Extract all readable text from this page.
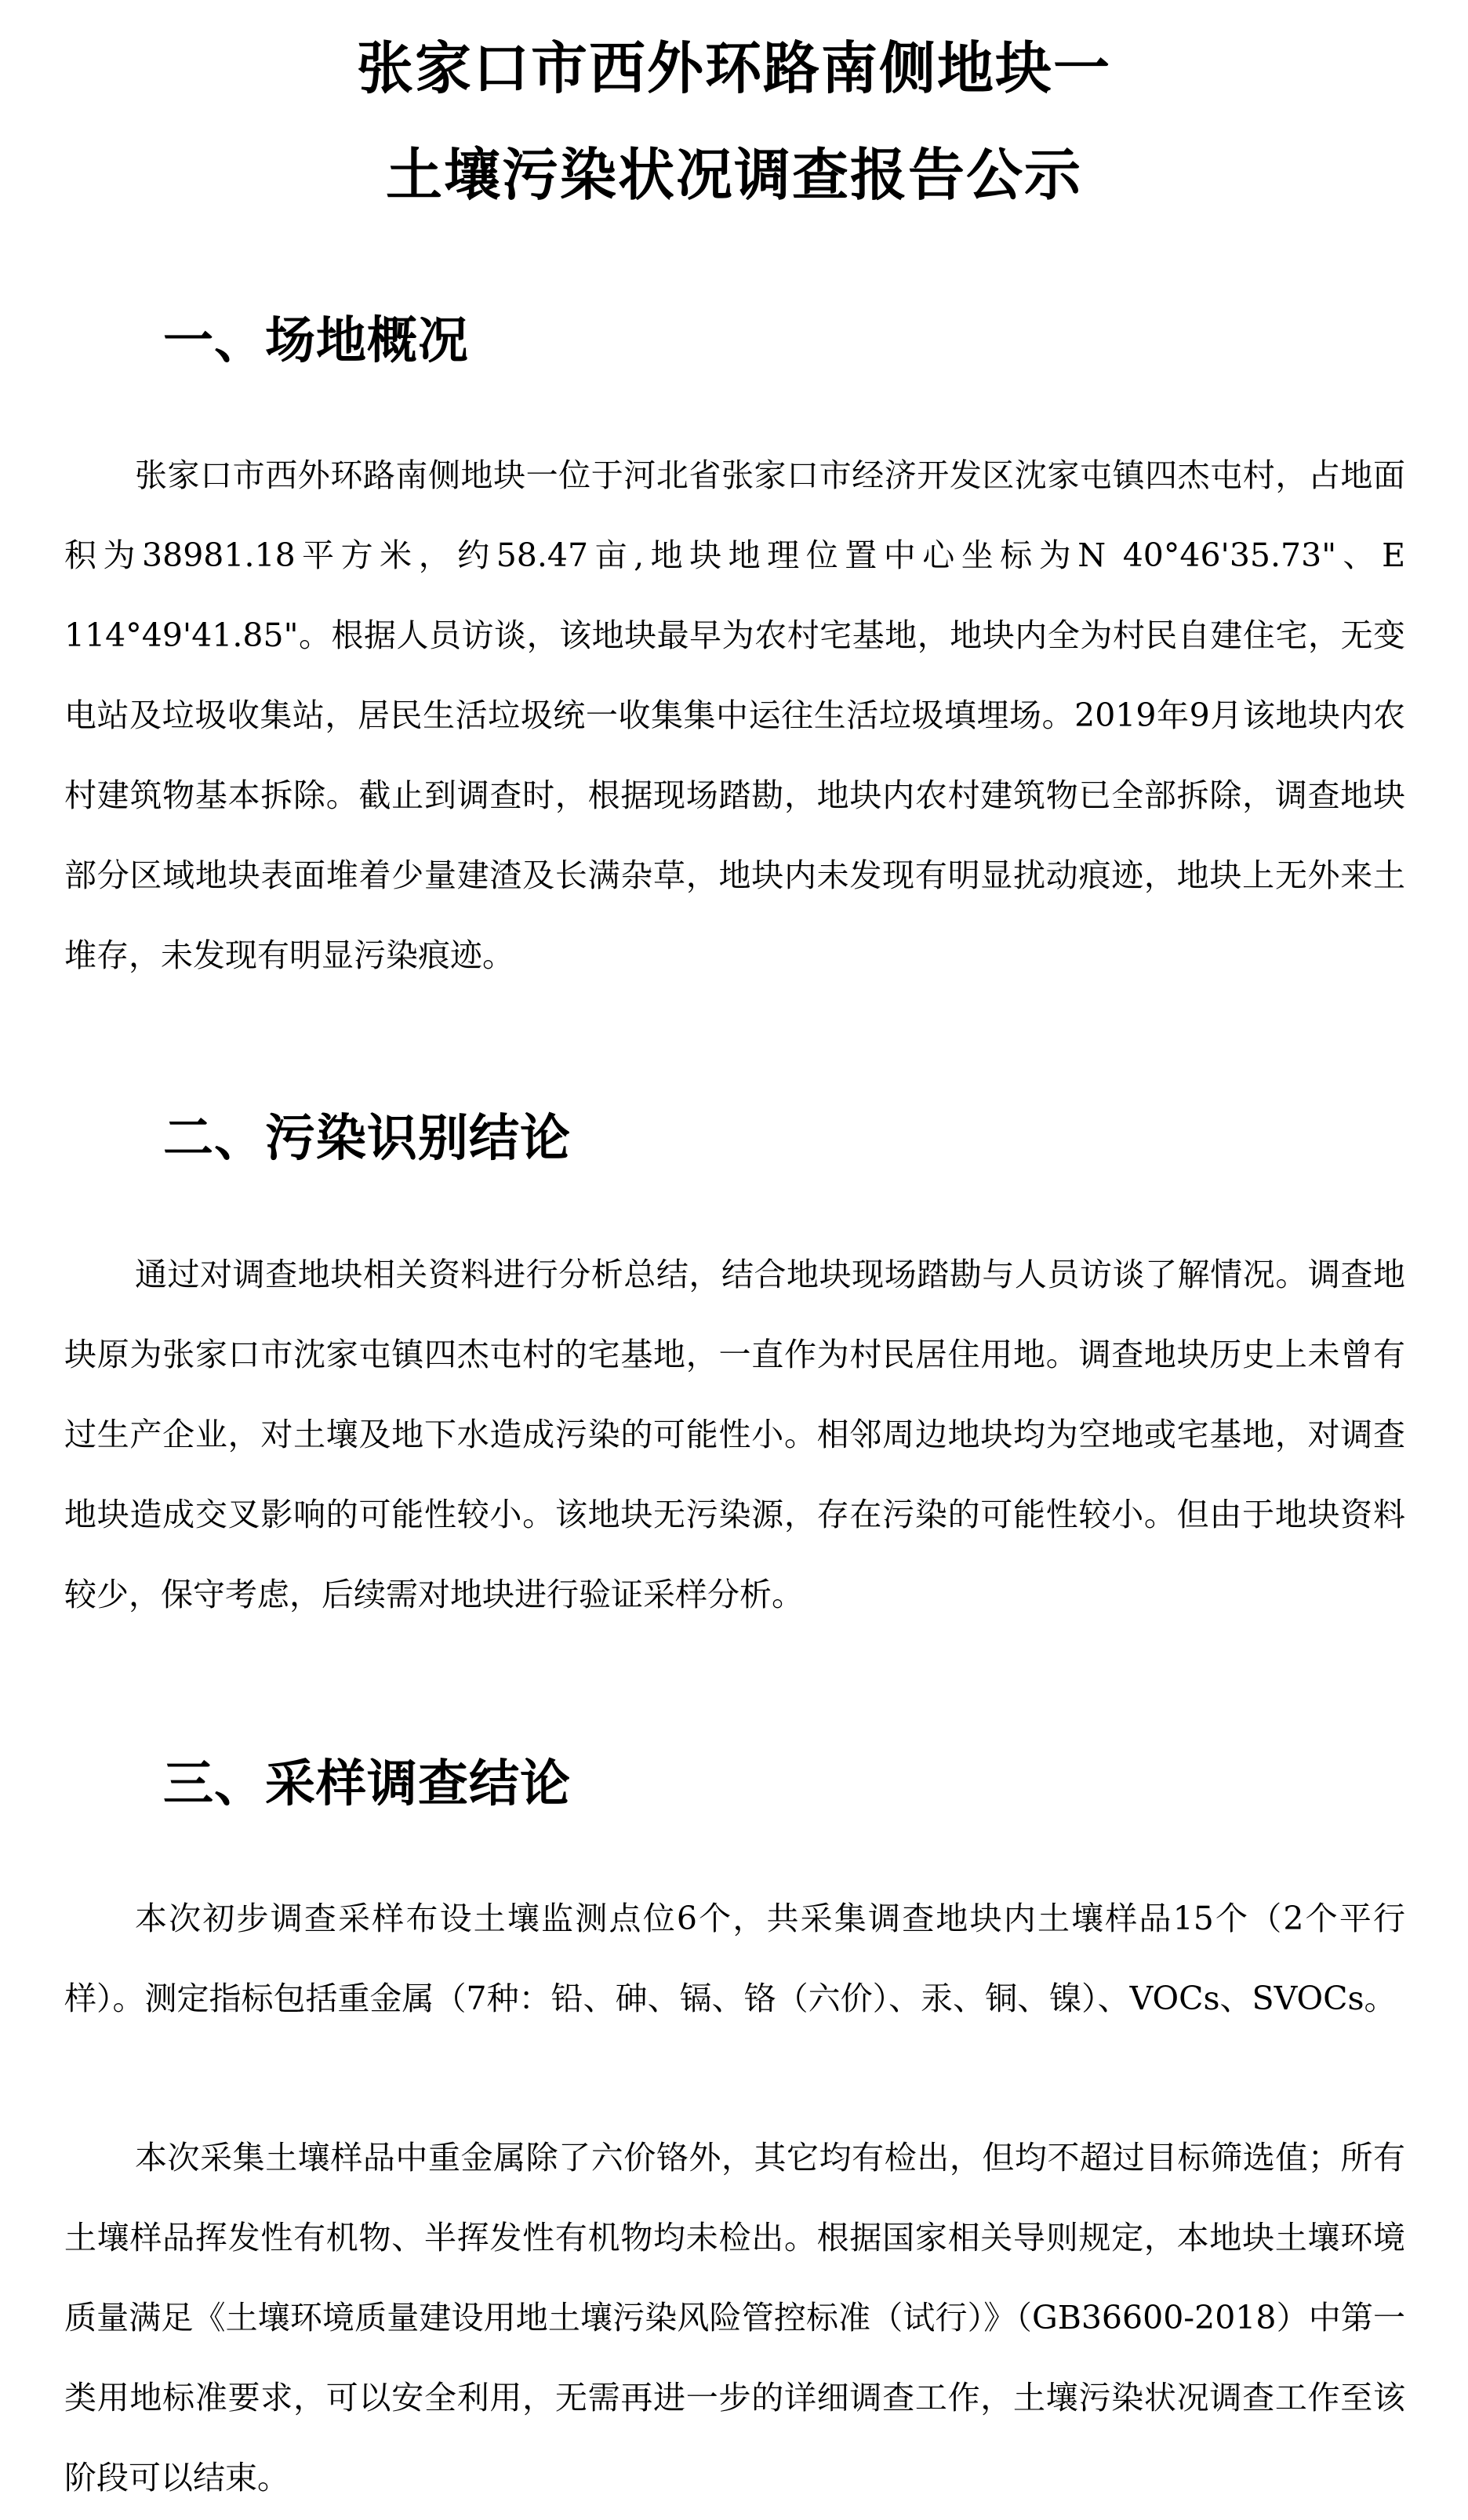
张家口市西外环路南侧地块一
土壤污染状况调查报告公示
一、场地概况

张家口市西外环路南侧地块一位于河北省张家口市经济开发区沈家屯镇四杰屯村，占地面积为38981.18平方米，约58.47亩,地块地理位置中心坐标为N 40°46'35.73"、E 114°49'41.85"。根据人员访谈，该地块最早为农村宅基地，地块内全为村民自建住宅，无变电站及垃圾收集站，居民生活垃圾统一收集集中运往生活垃圾填埋场。2019年9月该地块内农村建筑物基本拆除。截止到调查时，根据现场踏勘，地块内农村建筑物已全部拆除，调查地块部分区域地块表面堆着少量建渣及长满杂草，地块内未发现有明显扰动痕迹，地块上无外来土堆存，未发现有明显污染痕迹。

二、污染识别结论

通过对调查地块相关资料进行分析总结，结合地块现场踏勘与人员访谈了解情况。调查地块原为张家口市沈家屯镇四杰屯村的宅基地，一直作为村民居住用地。调查地块历史上未曾有过生产企业，对土壤及地下水造成污染的可能性小。相邻周边地块均为空地或宅基地，对调查地块造成交叉影响的可能性较小。该地块无污染源，存在污染的可能性较小。但由于地块资料较少，保守考虑，后续需对地块进行验证采样分析。

三、采样调查结论

本次初步调查采样布设土壤监测点位6个，共采集调查地块内土壤样品15个（2个平行样）。测定指标包括重金属（7种：铅、砷、镉、铬（六价）、汞、铜、镍）、VOCs、SVOCs。

本次采集土壤样品中重金属除了六价铬外，其它均有检出，但均不超过目标筛选值；所有土壤样品挥发性有机物、半挥发性有机物均未检出。根据国家相关导则规定，本地块土壤环境质量满足《土壤环境质量建设用地土壤污染风险管控标准（试行）》（GB36600-2018）中第一类用地标准要求，可以安全利用，无需再进一步的详细调查工作，土壤污染状况调查工作至该阶段可以结束。
